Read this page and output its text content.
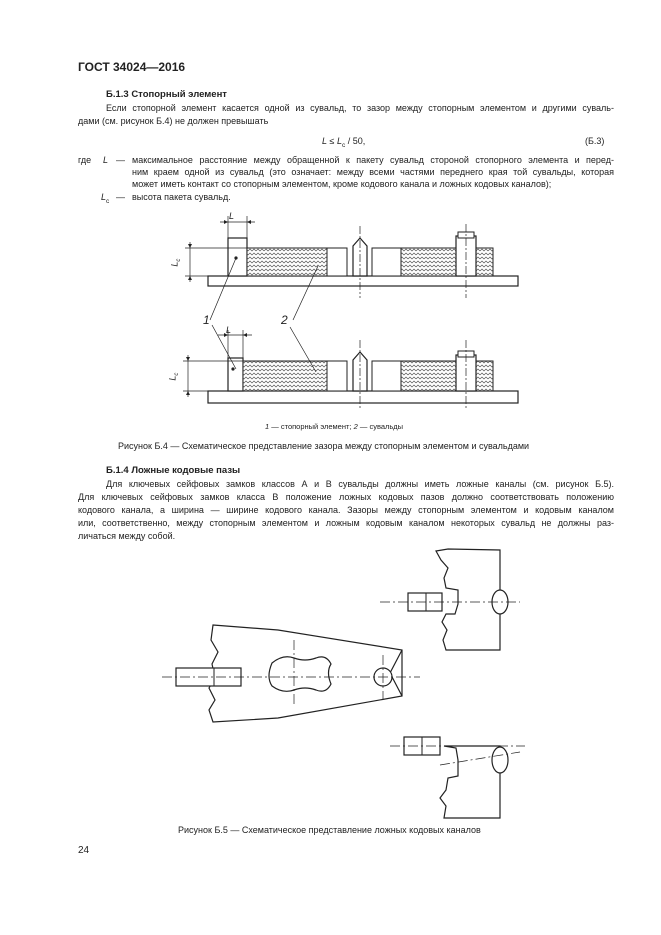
ГОСТ 34024—2016
Б.1.3 Стопорный элемент
Если стопорной элемент касается одной из сувальд, то зазор между стопорным элементом и другими суваль-
дами (см. рисунок Б.4) не должен превышать
$L \le L_c / 50$,	(Б.3)
где L — максимальное расстояние между обращенной к пакету сувальд стороной стопорного элемента и перед-
ним краем одной из сувальд (это означает: между всеми частями переднего края той сувальды, которая
может иметь контакт со стопорным элементом, кроме кодового канала и ложных кодовых каналов);
$L_c$ — высота пакета сувальд.
L
L
$L_c$
$L_c$
1	2
1 — стопорный элемент; 2 — сувальды
Рисунок Б.4 — Схематическое представление зазора между стопорным элементом и сувальдами
Б.1.4 Ложные кодовые пазы
Для ключевых сейфовых замков классов А и В сувальды должны иметь ложные каналы (см. рисунок Б.5).
Для ключевых сейфовых замков класса В положение ложных кодовых пазов должно соответствовать положению
кодового канала, а ширина — ширине кодового канала. Зазоры между стопорным элементом и кодовым каналом
или, соответственно, между стопорным элементом и ложным кодовым каналом некоторых сувальд не должны раз-
личаться между собой.
Рисунок Б.5 — Схематическое представление ложных кодовых каналов
24
